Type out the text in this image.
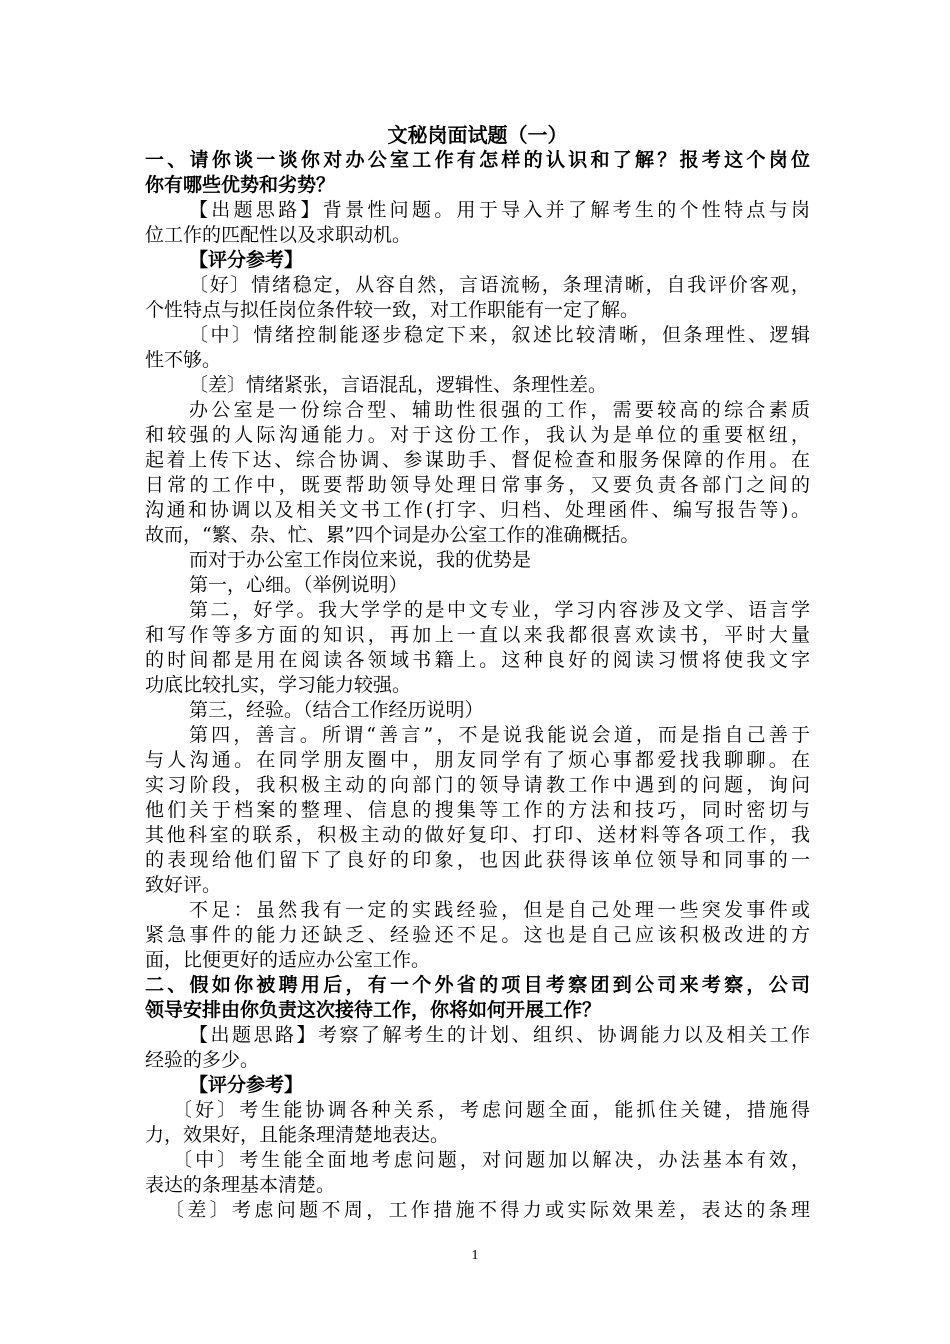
文秘岗面试题（一）
一、请你谈一谈你对办公室工作有怎样的认识和了解？报考这个岗位
你有哪些优势和劣势？
【出题思路】背景性问题。用于导入并了解考生的个性特点与岗
位工作的匹配性以及求职动机。
【评分参考】
〔好〕情绪稳定，从容自然，言语流畅，条理清晰，自我评价客观，
个性特点与拟任岗位条件较一致，对工作职能有一定了解。
〔中〕情绪控制能逐步稳定下来，叙述比较清晰，但条理性、逻辑
性不够。
〔差〕情绪紧张，言语混乱，逻辑性、条理性差。
办公室是一份综合型、辅助性很强的工作，需要较高的综合素质
和较强的人际沟通能力。对于这份工作，我认为是单位的重要枢纽，
起着上传下达、综合协调、参谋助手、督促检查和服务保障的作用。在
日常的工作中，既要帮助领导处理日常事务，又要负责各部门之间的
沟通和协调以及相关文书工作(打字、归档、处理函件、编写报告等)。
故而，“繁、杂、忙、累”四个词是办公室工作的准确概括。
而对于办公室工作岗位来说，我的优势是
第一，心细。（举例说明）
第二，好学。我大学学的是中文专业，学习内容涉及文学、语言学
和写作等多方面的知识，再加上一直以来我都很喜欢读书，平时大量
的时间都是用在阅读各领域书籍上。这种良好的阅读习惯将使我文字
功底比较扎实，学习能力较强。
第三，经验。（结合工作经历说明）
第四，善言。所谓“善言”，不是说我能说会道，而是指自己善于
与人沟通。在同学朋友圈中，朋友同学有了烦心事都爱找我聊聊。在
实习阶段，我积极主动的向部门的领导请教工作中遇到的问题，询问
他们关于档案的整理、信息的搜集等工作的方法和技巧，同时密切与
其他科室的联系，积极主动的做好复印、打印、送材料等各项工作，我
的表现给他们留下了良好的印象，也因此获得该单位领导和同事的一
致好评。
不足：虽然我有一定的实践经验，但是自己处理一些突发事件或
紧急事件的能力还缺乏、经验还不足。这也是自己应该积极改进的方
面，比便更好的适应办公室工作。
二、假如你被聘用后，有一个外省的项目考察团到公司来考察，公司
领导安排由你负责这次接待工作，你将如何开展工作？
【出题思路】考察了解考生的计划、组织、协调能力以及相关工作
经验的多少。
【评分参考】
〔好〕考生能协调各种关系，考虑问题全面，能抓住关键，措施得
力，效果好，且能条理清楚地表达。
〔中〕考生能全面地考虑问题，对问题加以解决，办法基本有效，
表达的条理基本清楚。
〔差〕考虑问题不周，工作措施不得力或实际效果差，表达的条理
1
